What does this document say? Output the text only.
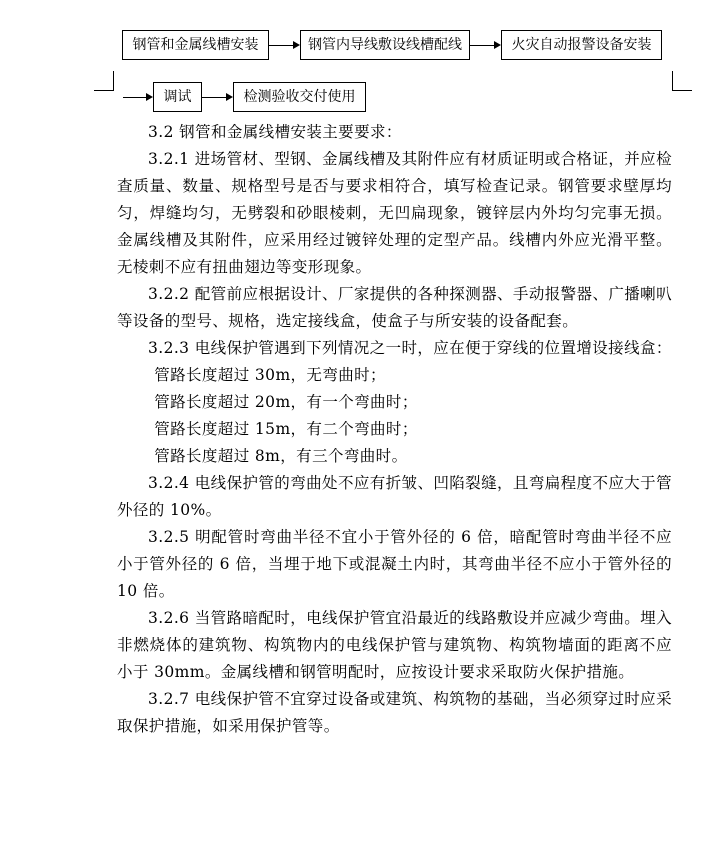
钢管和金属线槽安装	钢管内导线敷设线槽配线	火灾自动报警设备安装
调试	检测验收交付使用

3.2 钢管和金属线槽安装主要要求：

3.2.1 进场管材、型钢、金属线槽及其附件应有材质证明或合格证，并应检查质量、数量、规格型号是否与要求相符合，填写检查记录。钢管要求壁厚均匀，焊缝均匀，无劈裂和砂眼棱刺，无凹扁现象，镀锌层内外均匀完事无损。金属线槽及其附件，应采用经过镀锌处理的定型产品。线槽内外应光滑平整。无棱刺不应有扭曲翅边等变形现象。

3.2.2 配管前应根据设计、厂家提供的各种探测器、手动报警器、广播喇叭等设备的型号、规格，选定接线盒，使盒子与所安装的设备配套。

3.2.3 电线保护管遇到下列情况之一时，应在便于穿线的位置增设接线盒：

管路长度超过 30m，无弯曲时；

管路长度超过 20m，有一个弯曲时；

管路长度超过 15m，有二个弯曲时；

管路长度超过 8m，有三个弯曲时。

3.2.4 电线保护管的弯曲处不应有折皱、凹陷裂缝，且弯扁程度不应大于管外径的 10%。

3.2.5 明配管时弯曲半径不宜小于管外径的 6 倍，暗配管时弯曲半径不应小于管外径的 6 倍，当埋于地下或混凝土内时，其弯曲半径不应小于管外径的 10 倍。

3.2.6 当管路暗配时，电线保护管宜沿最近的线路敷设并应减少弯曲。埋入非燃烧体的建筑物、构筑物内的电线保护管与建筑物、构筑物墙面的距离不应小于 30mm。金属线槽和钢管明配时，应按设计要求采取防火保护措施。

3.2.7 电线保护管不宜穿过设备或建筑、构筑物的基础，当必须穿过时应采取保护措施，如采用保护管等。
